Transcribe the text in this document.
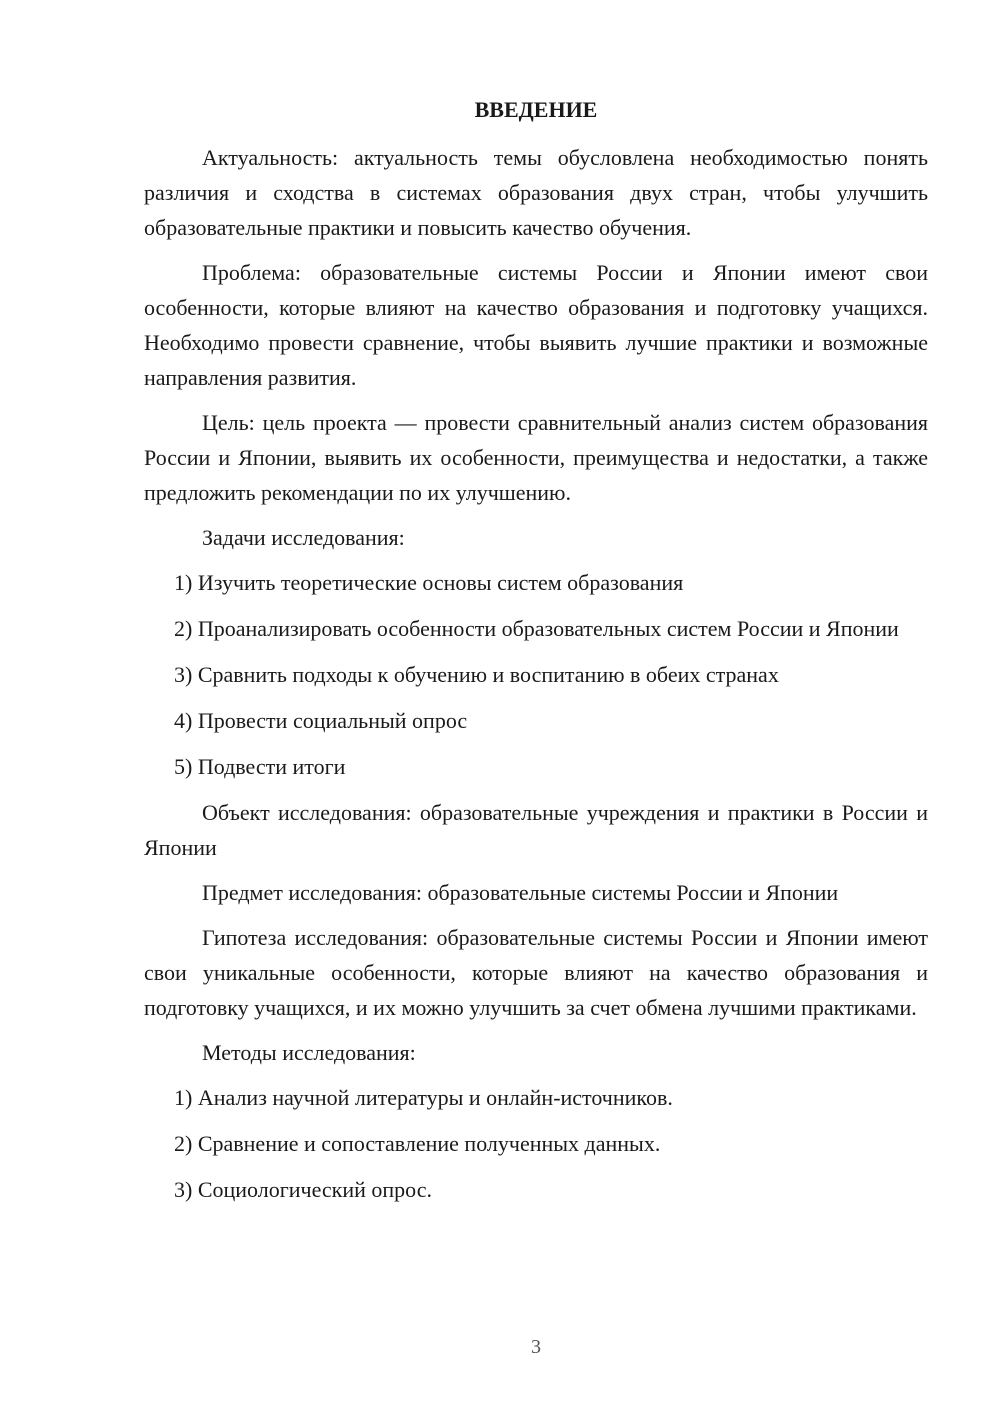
ВВЕДЕНИЕ

Актуальность: актуальность темы обусловлена необходимостью понять различия и сходства в системах образования двух стран, чтобы улучшить образовательные практики и повысить качество обучения.

Проблема: образовательные системы России и Японии имеют свои особенности, которые влияют на качество образования и подготовку учащихся. Необходимо провести сравнение, чтобы выявить лучшие практики и возможные направления развития.

Цель: цель проекта — провести сравнительный анализ систем образования России и Японии, выявить их особенности, преимущества и недостатки, а также предложить рекомендации по их улучшению.

Задачи исследования:

1) Изучить теоретические основы систем образования

2) Проанализировать особенности образовательных систем России и Японии

3) Сравнить подходы к обучению и воспитанию в обеих странах

4) Провести социальный опрос

5) Подвести итоги

Объект исследования: образовательные учреждения и практики в России и Японии

Предмет исследования: образовательные системы России и Японии

Гипотеза исследования: образовательные системы России и Японии имеют свои уникальные особенности, которые влияют на качество образования и подготовку учащихся, и их можно улучшить за счет обмена лучшими практиками.

Методы исследования:

1) Анализ научной литературы и онлайн-источников.

2) Сравнение и сопоставление полученных данных.

3) Социологический опрос.

3
